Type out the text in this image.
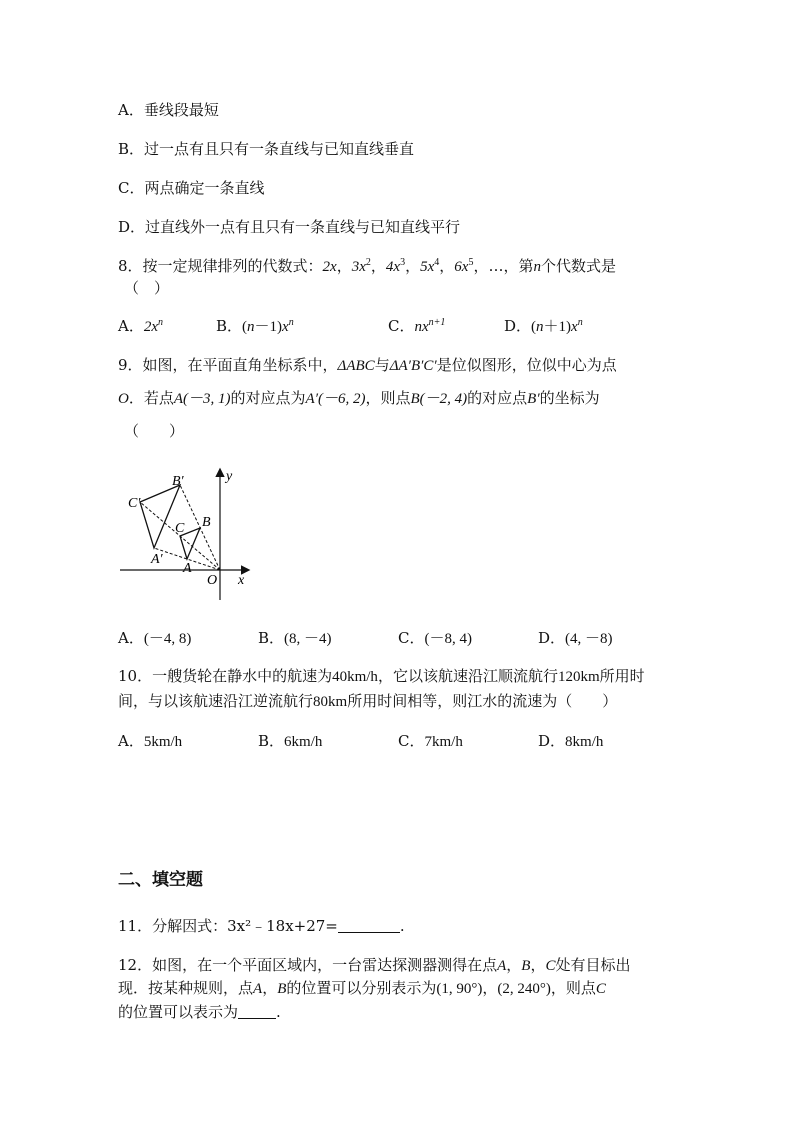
A．垂线段最短
B．过一点有且只有一条直线与已知直线垂直
C．两点确定一条直线
D．过直线外一点有且只有一条直线与已知直线平行
8．按一定规律排列的代数式：2x，$3x^2$，$4x^3$，$5x^4$，$6x^5$，…，第n个代数式是
（　）
A．$2x^n$	B．$(n-1)x^n$	C．$nx^{n+1}$	D．$(n+1)x^n$
9．如图，在平面直角坐标系中，ΔABC与ΔA′B′C′是位似图形，位似中心为点
O．若点A(－3, 1)的对应点为A′(－6, 2)，则点B(－2, 4)的对应点B′的坐标为
（　　）
y
x
O
A
B
C
A′
B′
C′
A．(－4, 8)	B．(8, －4)	C．(－8, 4)	D．(4, －8)
10．一艘货轮在静水中的航速为40km/h，它以该航速沿江顺流航行120km所用时
间，与以该航速沿江逆流航行80km所用时间相等，则江水的流速为（　　）
A．5km/h	B．6km/h	C．7km/h	D．8km/h
二、填空题
11．分解因式：3x²﹣18x+27=	.
12．如图，在一个平面区域内，一台雷达探测器测得在点A，B，C处有目标出
现．按某种规则，点A，B的位置可以分别表示为(1, 90°)，(2, 240°)，则点C
的位置可以表示为	.
